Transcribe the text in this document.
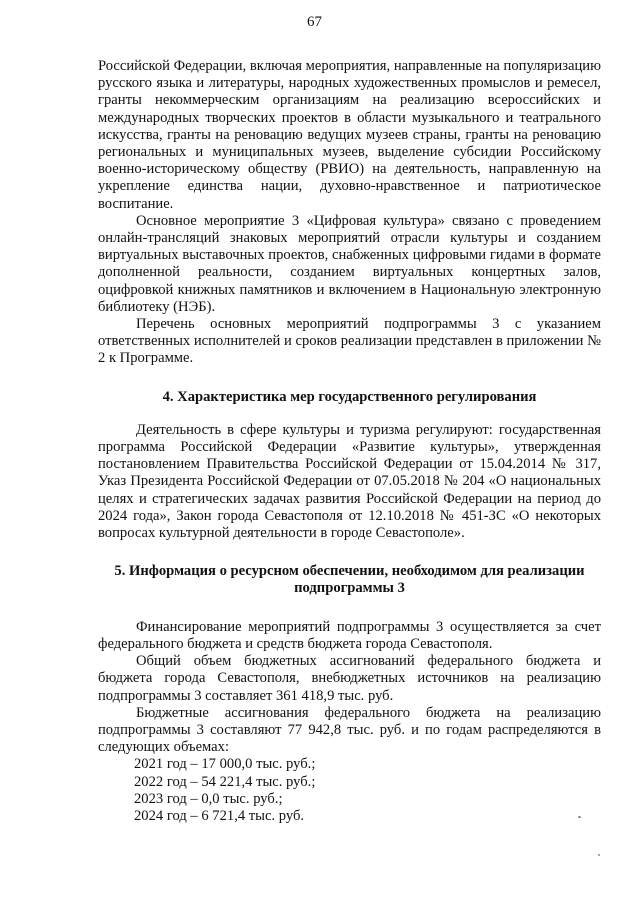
67

Российской Федерации, включая мероприятия, направленные на популяризацию русского языка и литературы, народных художественных промыслов и ремесел, гранты некоммерческим организациям на реализацию всероссийских и международных творческих проектов в области музыкального и театрального искусства, гранты на реновацию ведущих музеев страны, гранты на реновацию региональных и муниципальных музеев, выделение субсидии Российскому военно-историческому обществу (РВИО) на деятельность, направленную на укрепление единства нации, духовно-нравственное и патриотическое воспитание.

Основное мероприятие 3 «Цифровая культура» связано с проведением онлайн-трансляций знаковых мероприятий отрасли культуры и созданием виртуальных выставочных проектов, снабженных цифровыми гидами в формате дополненной реальности, созданием виртуальных концертных залов, оцифровкой книжных памятников и включением в Национальную электронную библиотеку (НЭБ).

Перечень основных мероприятий подпрограммы 3 с указанием ответственных исполнителей и сроков реализации представлен в приложении № 2 к Программе.

4. Характеристика мер государственного регулирования

Деятельность в сфере культуры и туризма регулируют: государственная программа Российской Федерации «Развитие культуры», утвержденная постановлением Правительства Российской Федерации от 15.04.2014 № 317, Указ Президента Российской Федерации от 07.05.2018 № 204 «О национальных целях и стратегических задачах развития Российской Федерации на период до 2024 года», Закон города Севастополя от 12.10.2018 № 451-ЗС «О некоторых вопросах культурной деятельности в городе Севастополе».

5. Информация о ресурсном обеспечении, необходимом для реализации подпрограммы 3

Финансирование мероприятий подпрограммы 3 осуществляется за счет федерального бюджета и средств бюджета города Севастополя.

Общий объем бюджетных ассигнований федерального бюджета и бюджета города Севастополя, внебюджетных источников на реализацию подпрограммы 3 составляет 361 418,9 тыс. руб.

Бюджетные ассигнования федерального бюджета на реализацию подпрограммы 3 составляют 77 942,8 тыс. руб. и по годам распределяются в следующих объемах:

2021 год – 17 000,0 тыс. руб.;

2022 год – 54 221,4 тыс. руб.;

2023 год – 0,0 тыс. руб.;

2024 год – 6 721,4 тыс. руб.
